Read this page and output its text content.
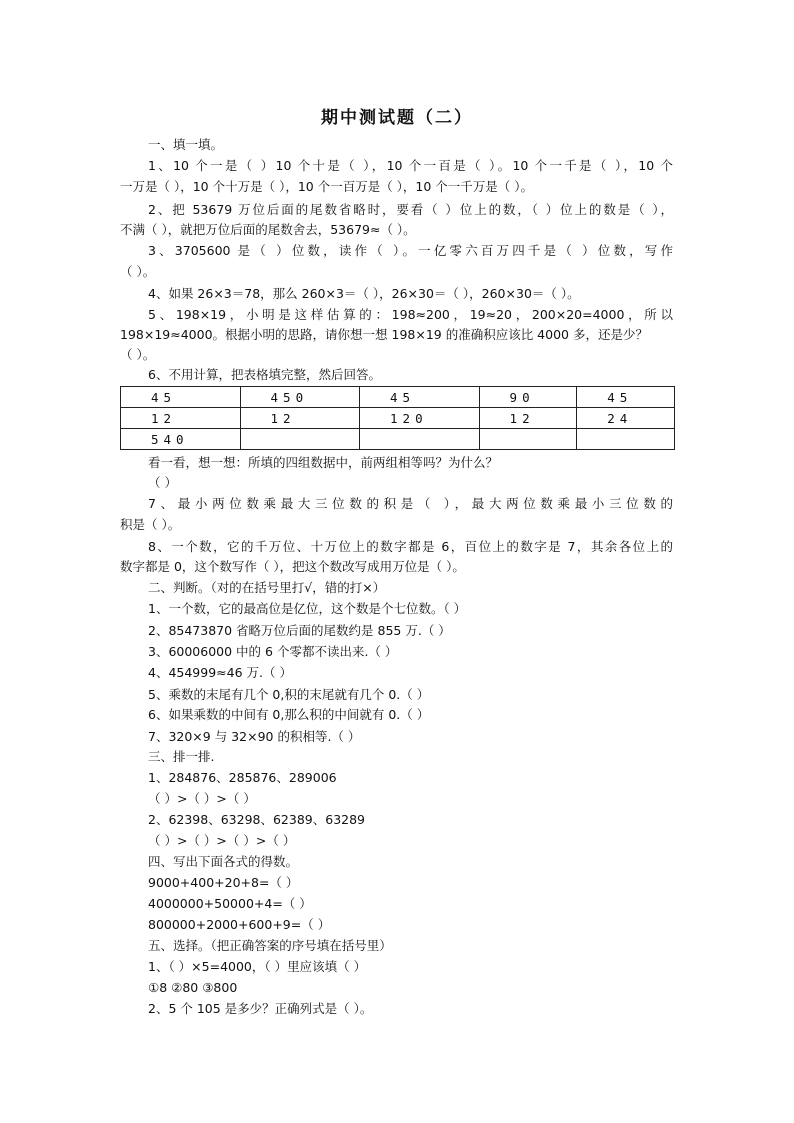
期中测试题（二）
一、填一填。
1、10 个一是（ ）10 个十是（ ），10 个一百是（ ）。10 个一千是（ ），10 个
一万是（ ），10 个十万是（ ），10 个一百万是（ ），10 个一千万是（ ）。
2、把 53679 万位后面的尾数省略时，要看（ ）位上的数，（ ）位上的数是（ ），
不满（ ），就把万位后面的尾数舍去，53679≈（ ）。
3、3705600 是（ ）位数，读作（ ）。一亿零六百万四千是（ ）位数，写作
（ ）。
4、如果 26×3＝78，那么 260×3＝（ ），26×30＝（ ），260×30＝（ ）。
5、198×19，小明是这样估算的：198≈200，19≈20，200×20=4000，所以
198×19≈4000。根据小明的思路，请你想一想 198×19 的准确积应该比 4000 多，还是少？
（ ）。
6、不用计算，把表格填完整，然后回答。
45	450	45	90	45
12	12	120	12	24
540				
看一看，想一想：所填的四组数据中，前两组相等吗？为什么？
（ ）
7、最小两位数乘最大三位数的积是（ ），最大两位数乘最小三位数的
积是（ ）。
8、一个数，它的千万位、十万位上的数字都是 6，百位上的数字是 7，其余各位上的
数字都是 0，这个数写作（ ），把这个数改写成用万位是（ ）。
二、判断。（对的在括号里打√，错的打×）
1、一个数，它的最高位是亿位，这个数是个七位数。（ ）
2、85473870 省略万位后面的尾数约是 855 万.（ ）
3、60006000 中的 6 个零都不读出来.（ ）
4、454999≈46 万.（ ）
5、乘数的末尾有几个 0,积的末尾就有几个 0.（ ）
6、如果乘数的中间有 0,那么积的中间就有 0.（ ）
7、320×9 与 32×90 的积相等.（ ）
三、排一排.
1、284876、285876、289006
（ ）>（ ）>（ ）
2、62398、63298、62389、63289
（ ）>（ ）>（ ）>（ ）
四、写出下面各式的得数。
9000+400+20+8=（ ）
4000000+50000+4=（ ）
800000+2000+600+9=（ ）
五、选择。（把正确答案的序号填在括号里）
1、（ ）×5=4000，（ ）里应该填（ ）
①8 ②80 ③800
2、5 个 105 是多少？正确列式是（ ）。
